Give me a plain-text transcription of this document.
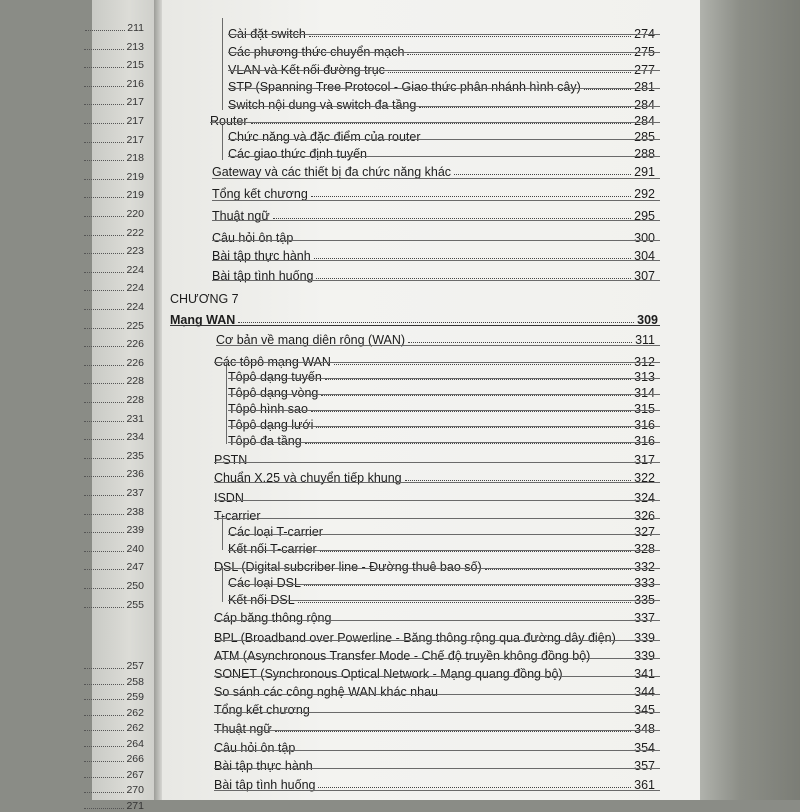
211
213
215
216
217
217
217
218
219
219
220
222
223
224
224
224
225
226
226
228
228
231
234
235
236
237
238
239
240
247
250
255
257
258
259
262
262
264
266
267
270
271
Cài đặt switch	274
Các phương thức chuyển mạch	275
VLAN và Kết nối đường trục	277
STP (Spanning Tree Protocol - Giao thức phân nhánh hình cây)	281
Switch nội dung và switch đa tầng	284
Router	284
Chức năng và đặc điểm của router	285
Các giao thức định tuyến	288
Gateway và các thiết bị đa chức năng khác	291
Tổng kết chương	292
Thuật ngữ	295
Câu hỏi ôn tập	300
Bài tập thực hành	304
Bài tập tình huống	307
CHƯƠNG 7
Mạng WAN	309
Cơ bản về mạng diện rộng (WAN)	311
Các tôpô mạng WAN	312
Tôpô dạng tuyến	313
Tôpô dạng vòng	314
Tôpô hình sao	315
Tôpô dạng lưới	316
Tôpô đa tầng	316
PSTN	317
Chuẩn X.25 và chuyển tiếp khung	322
ISDN	324
T-carrier	326
Các loại T-carrier	327
Kết nối T-carrier	328
DSL (Digital subcriber line - Đường thuê bao số)	332
Các loại DSL	333
Kết nối DSL	335
Cáp băng thông rộng	337
BPL (Broadband over Powerline - Băng thông rộng qua đường dây điện) 339
ATM (Asynchronous Transfer Mode - Chế độ truyền không đồng bộ)	339
SONET (Synchronous Optical Network - Mạng quang đồng bộ)	341
So sánh các công nghệ WAN khác nhau	344
Tổng kết chương	345
Thuật ngữ	348
Câu hỏi ôn tập	354
Bài tập thực hành	357
Bài tập tình huống	361
